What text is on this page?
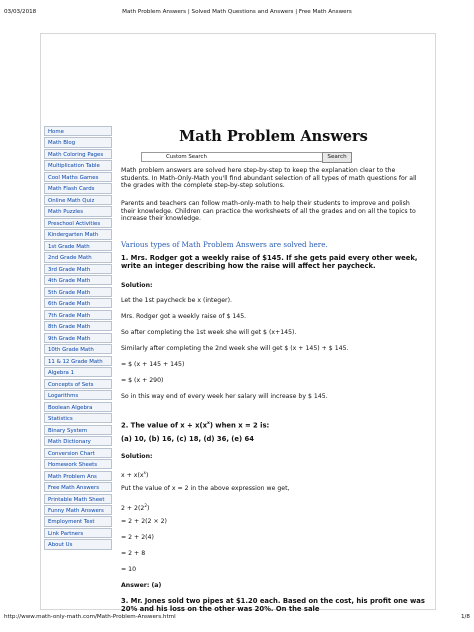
03/03/2018	Math Problem Answers | Solved Math Questions and Answers | Free Math Answers
Home
Math Blog
Math Coloring Pages
Multiplication Table
Cool Maths Games
Math Flash Cards
Online Math Quiz
Math Puzzles
Preschool Activities
Kindergarten Math
1st Grade Math
2nd Grade Math
3rd Grade Math
4th Grade Math
5th Grade Math
6th Grade Math
7th Grade Math
8th Grade Math
9th Grade Math
10th Grade Math
11 & 12 Grade Math
Algebra 1
Concepts of Sets
Logarithms
Boolean Algebra
Statistics
Binary System
Math Dictionary
Conversion Chart
Homework Sheets
Math Problem Ans
Free Math Answers
Printable Math Sheet
Funny Math Answers
Employment Test
Link Partners
About Us
Math Problem Answers
Custom Search	Search
Math problem answers are solved here step-by-step to keep the explanation clear to the students. In Math-Only-Math you'll find abundant selection of all types of math questions for all the grades with the complete step-by-step solutions.
Parents and teachers can follow math-only-math to help their students to improve and polish their knowledge. Children can practice the worksheets of all the grades and on all the topics to increase their knowledge.
Various types of Math Problem Answers are solved here.
1. Mrs. Rodger got a weekly raise of $145. If she gets paid every other week, write an integer describing how the raise will affect her paycheck.
Solution:
Let the 1st paycheck be x (integer).
Mrs. Rodger got a weekly raise of $ 145.
So after completing the 1st week she will get $ (x+145).
Similarly after completing the 2nd week she will get $ (x + 145) + $ 145.
= $ (x + 145 + 145)
= $ (x + 290)
So in this way end of every week her salary will increase by $ 145.
2. The value of $x + x(x^x)$ when x = 2 is:
(a) 10, (b) 16, (c) 18, (d) 36, (e) 64
Solution:
$x + x(x^x)$
Put the value of x = 2 in the above expression we get,
$2 + 2(2^2)$
= 2 + 2(2 × 2)
= 2 + 2(4)
= 2 + 8
= 10
Answer: (a)
3. Mr. Jones sold two pipes at $1.20 each. Based on the cost, his profit one was 20% and his loss on the other was 20%. On the sale
http://www.math-only-math.com/Math-Problem-Answers.html	1/8
